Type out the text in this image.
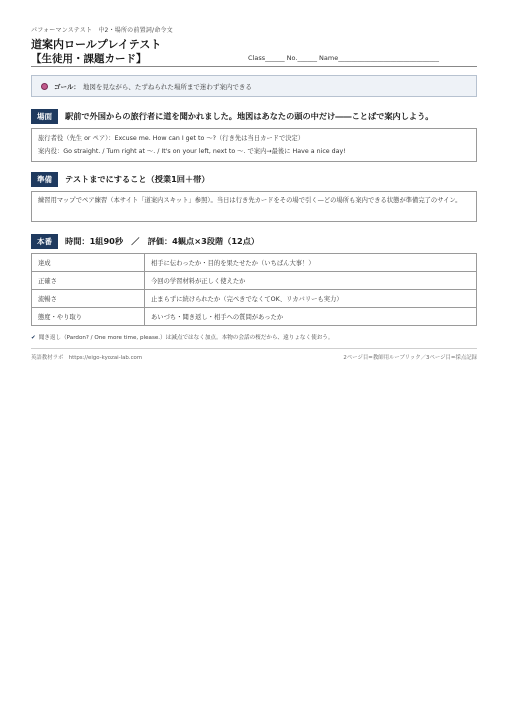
パフォーマンステスト　中2・場所の前置詞/命令文
道案内ロールプレイテスト
【生徒用・課題カード】	Class______ No.______ Name_______________________________
ゴール： 地図を見ながら、たずねられた場所まで迷わず案内できる
場面	駅前で外国からの旅行者に道を聞かれました。地図はあなたの頭の中だけ――ことばで案内しよう。
旅行者役（先生 or ペア）：Excuse me. How can I get to ～?（行き先は当日カードで決定）
案内役：Go straight. / Turn right at ～. / It's on your left, next to ～. で案内→最後に Have a nice day!
準備	テストまでにすること（授業1回＋帯）
練習用マップでペア練習（本サイト「道案内スキット」参照）。当日は行き先カードをその場で引く—どの場所も案内できる状態が準備完了のサイン。
本番	時間：1組90秒　／　評価：4観点×3段階（12点）
達成	相手に伝わったか・目的を果たせたか（いちばん大事！）
正確さ	今回の学習材料が正しく使えたか
流暢さ	止まらずに続けられたか（完ぺきでなくてOK、リカバリーも実力）
態度・やり取り	あいづち・聞き返し・相手への質問があったか
✔ 聞き返し（Pardon? / One more time, please.）は減点ではなく加点。本物の会話の桜だから、遠りょなく使おう。
英語教材ラボ　https://eigo-kyozai-lab.com	2ページ目=教師用ルーブリック／3ページ目=採点記録
